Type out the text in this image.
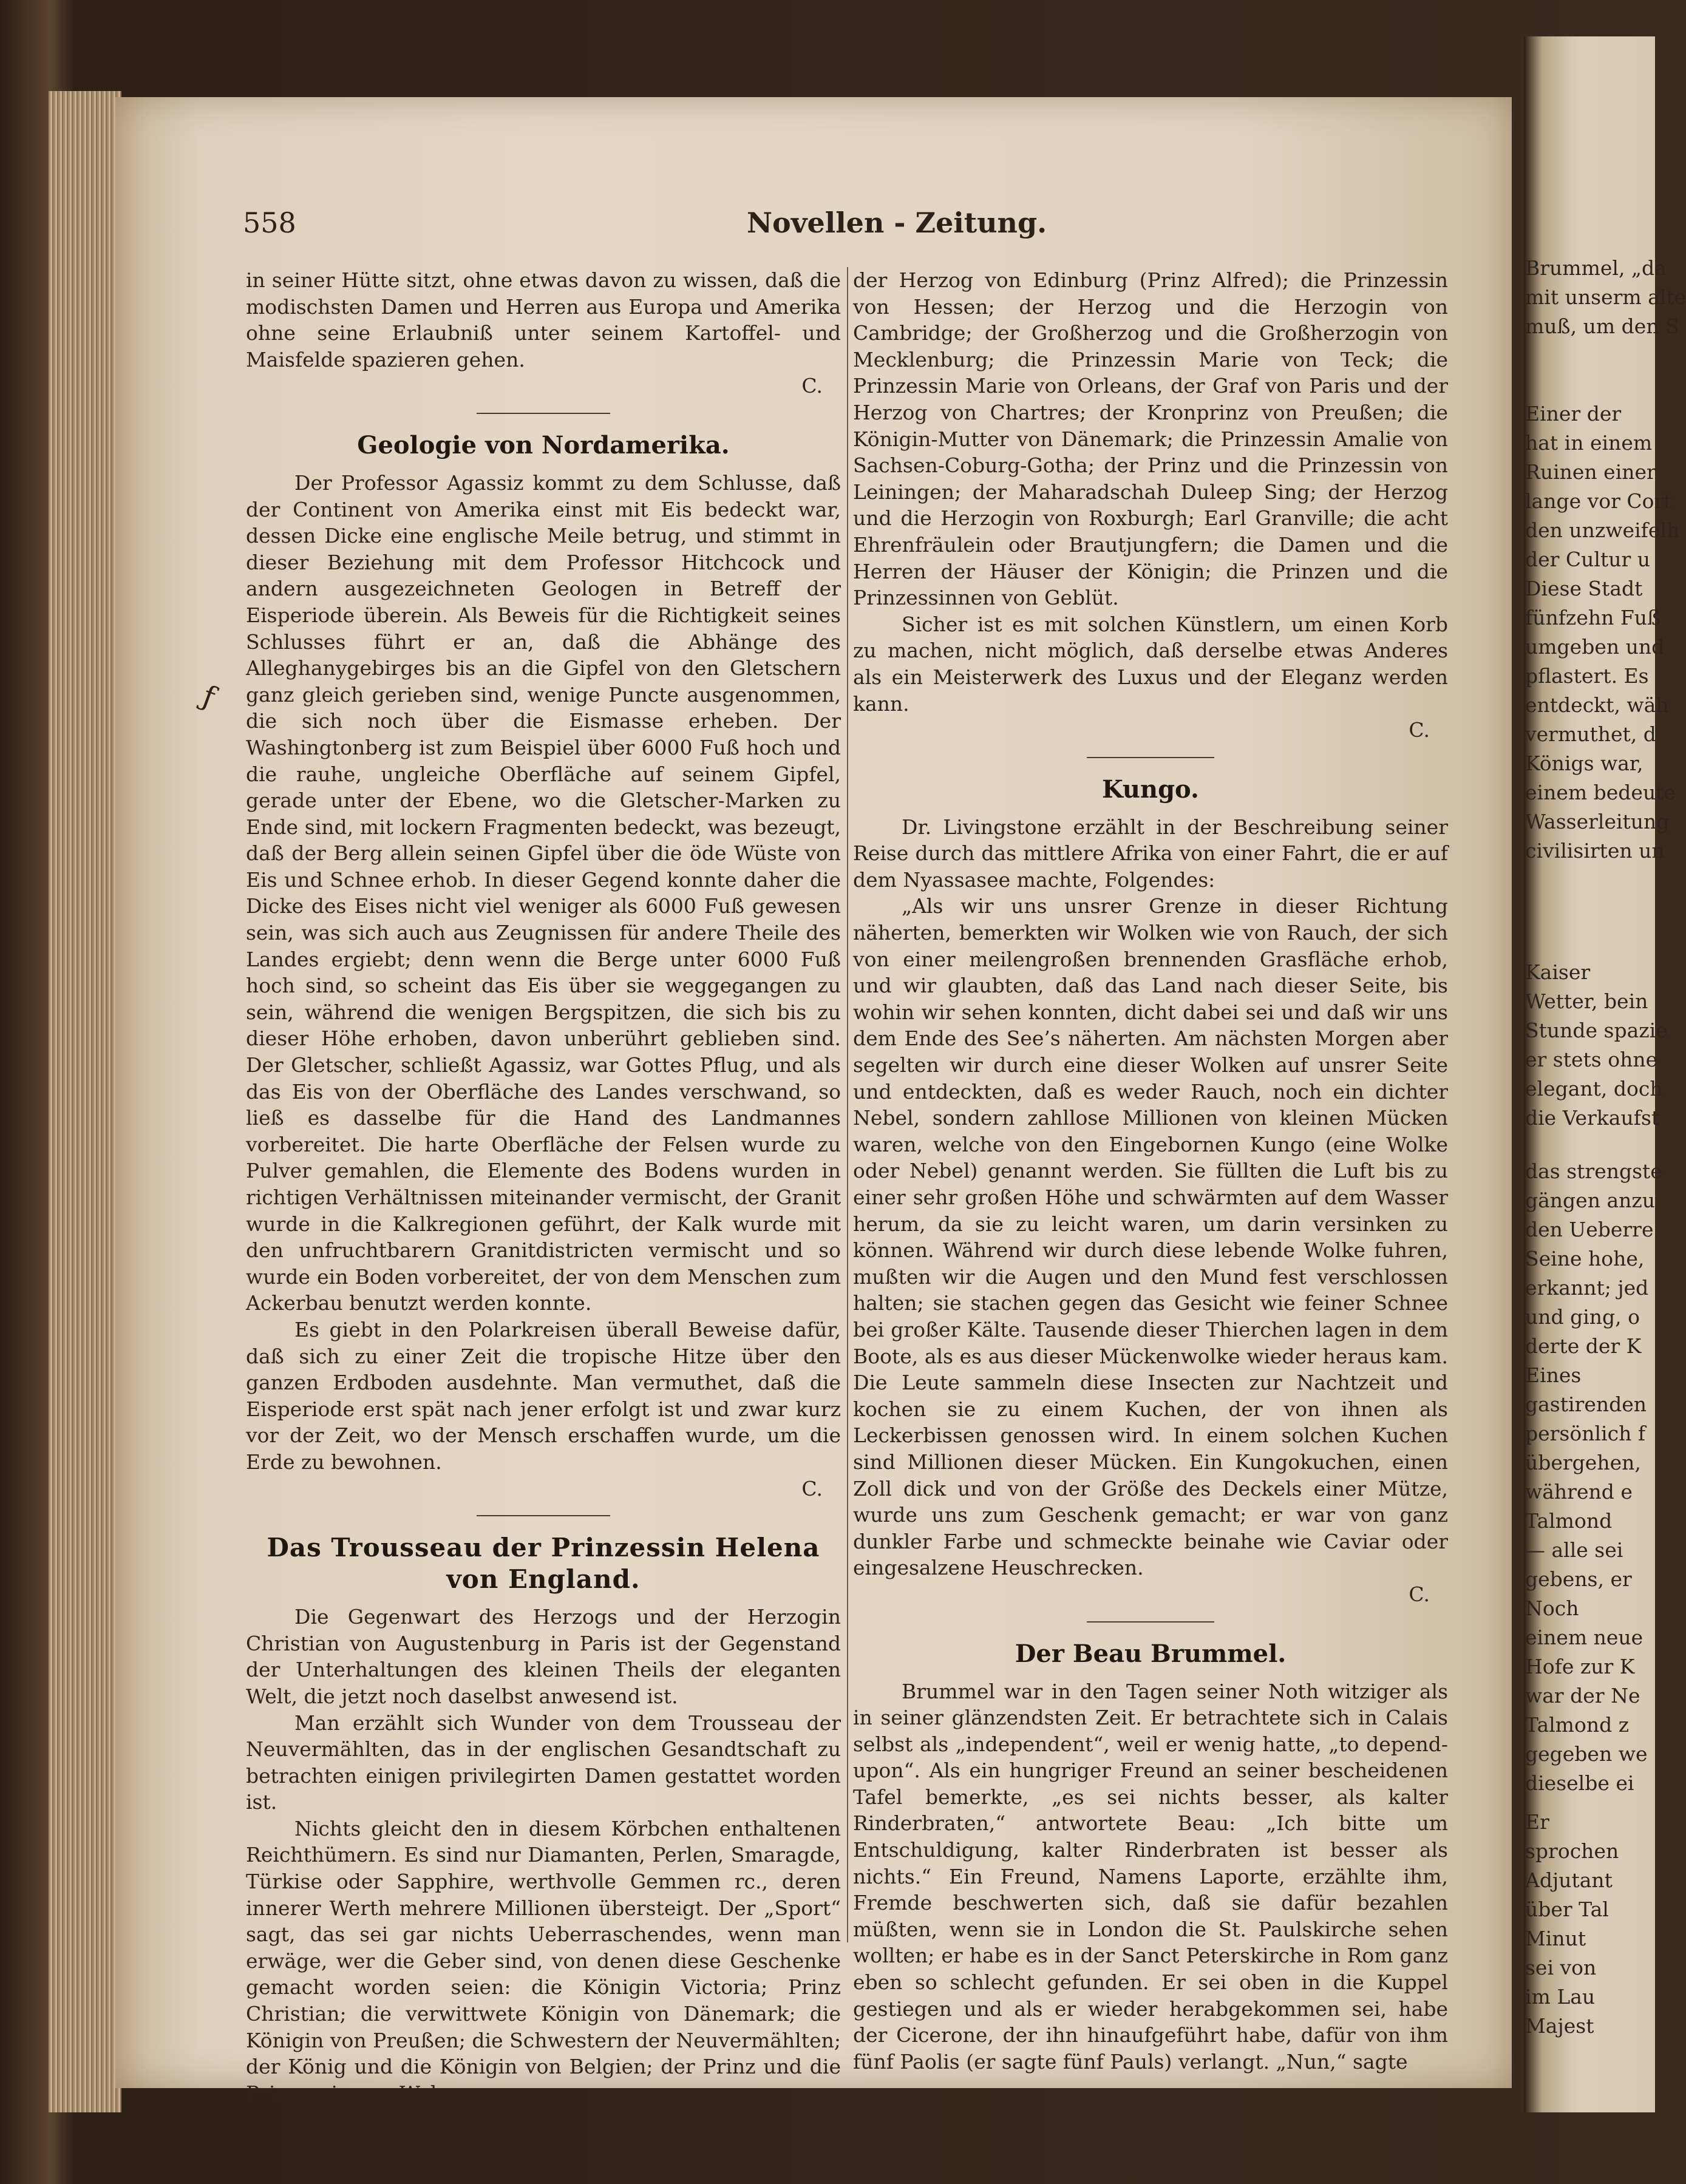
Brummel, „da
mit unserm alte
muß, um den S
Einer der
hat in einem
Ruinen einer
lange vor Cort
den unzweifelh
der Cultur u
Diese Stadt
fünfzehn Fuß
umgeben und
pflastert. Es
entdeckt, wäh
vermuthet, d
Königs war,
einem bedeute
Wasserleitung
civilisirten un
Kaiser
Wetter, bein
Stunde spazie
er stets ohne
elegant, doch
die Verkaufst
das strengste
gängen anzu
den Ueberre
Seine hohe,
erkannt; jed
und ging, o
derte der K
Eines
gastirenden
persönlich f
übergehen,
während e
Talmond
— alle sei
gebens, er
Noch
einem neue
Hofe zur K
war der Ne
Talmond z
gegeben we
dieselbe ei
Er
sprochen
Adjutant
über Tal
Minut
sei von
im Lau
Majest
558	Novellen - Zeitung.
ƒ

in seiner Hütte sitzt, ohne etwas davon zu wissen, daß die modischsten Damen und Herren aus Europa und Amerika ohne seine Erlaubniß unter seinem Kartoffel- und Maisfelde spazieren gehen.

C.
Geologie von Nordamerika.

Der Professor Agassiz kommt zu dem Schlusse, daß der Continent von Amerika einst mit Eis bedeckt war, dessen Dicke eine englische Meile betrug, und stimmt in dieser Beziehung mit dem Professor Hitchcock und andern ausgezeichneten Geologen in Betreff der Eisperiode überein. Als Beweis für die Richtigkeit seines Schlusses führt er an, daß die Abhänge des Alleghanygebirges bis an die Gipfel von den Gletschern ganz gleich gerieben sind, wenige Puncte ausgenommen, die sich noch über die Eismasse erheben. Der Washingtonberg ist zum Beispiel über 6000 Fuß hoch und die rauhe, ungleiche Oberfläche auf seinem Gipfel, gerade unter der Ebene, wo die Gletscher-Marken zu Ende sind, mit lockern Fragmenten bedeckt, was bezeugt, daß der Berg allein seinen Gipfel über die öde Wüste von Eis und Schnee erhob. In dieser Gegend konnte daher die Dicke des Eises nicht viel weniger als 6000 Fuß gewesen sein, was sich auch aus Zeugnissen für andere Theile des Landes ergiebt; denn wenn die Berge unter 6000 Fuß hoch sind, so scheint das Eis über sie weggegangen zu sein, während die wenigen Bergspitzen, die sich bis zu dieser Höhe erhoben, davon unberührt geblieben sind. Der Gletscher, schließt Agassiz, war Gottes Pflug, und als das Eis von der Oberfläche des Landes verschwand, so ließ es dasselbe für die Hand des Landmannes vorbereitet. Die harte Oberfläche der Felsen wurde zu Pulver gemahlen, die Elemente des Bodens wurden in richtigen Verhältnissen miteinander vermischt, der Granit wurde in die Kalkregionen geführt, der Kalk wurde mit den unfruchtbarern Granitdistricten vermischt und so wurde ein Boden vorbereitet, der von dem Menschen zum Ackerbau benutzt werden konnte.

Es giebt in den Polarkreisen überall Beweise dafür, daß sich zu einer Zeit die tropische Hitze über den ganzen Erdboden ausdehnte. Man vermuthet, daß die Eisperiode erst spät nach jener erfolgt ist und zwar kurz vor der Zeit, wo der Mensch erschaffen wurde, um die Erde zu bewohnen.

C.
Das Trousseau der Prinzessin Helena von England.

Die Gegenwart des Herzogs und der Herzogin Christian von Augustenburg in Paris ist der Gegenstand der Unterhaltungen des kleinen Theils der eleganten Welt, die jetzt noch daselbst anwesend ist.

Man erzählt sich Wunder von dem Trousseau der Neuvermählten, das in der englischen Gesandtschaft zu betrachten einigen privilegirten Damen gestattet worden ist.

Nichts gleicht den in diesem Körbchen enthaltenen Reichthümern. Es sind nur Diamanten, Perlen, Smaragde, Türkise oder Sapphire, werthvolle Gemmen rc., deren innerer Werth mehrere Millionen übersteigt. Der „Sport“ sagt, das sei gar nichts Ueberraschendes, wenn man erwäge, wer die Geber sind, von denen diese Geschenke gemacht worden seien: die Königin Victoria; Prinz Christian; die verwittwete Königin von Dänemark; die Königin von Preußen; die Schwestern der Neuvermählten; der König und die Königin von Belgien; der Prinz und die Prinzessin von Wales;

der Herzog von Edinburg (Prinz Alfred); die Prinzessin von Hessen; der Herzog und die Herzogin von Cambridge; der Großherzog und die Großherzogin von Mecklenburg; die Prinzessin Marie von Teck; die Prinzessin Marie von Orleans, der Graf von Paris und der Herzog von Chartres; der Kronprinz von Preußen; die Königin-Mutter von Dänemark; die Prinzessin Amalie von Sachsen-Coburg-Gotha; der Prinz und die Prinzessin von Leiningen; der Maharadschah Duleep Sing; der Herzog und die Herzogin von Roxburgh; Earl Granville; die acht Ehrenfräulein oder Brautjungfern; die Damen und die Herren der Häuser der Königin; die Prinzen und die Prinzessinnen von Geblüt.

Sicher ist es mit solchen Künstlern, um einen Korb zu machen, nicht möglich, daß derselbe etwas Anderes als ein Meisterwerk des Luxus und der Eleganz werden kann.

C.
Kungo.

Dr. Livingstone erzählt in der Beschreibung seiner Reise durch das mittlere Afrika von einer Fahrt, die er auf dem Nyassasee machte, Folgendes:

„Als wir uns unsrer Grenze in dieser Richtung näherten, bemerkten wir Wolken wie von Rauch, der sich von einer meilengroßen brennenden Grasfläche erhob, und wir glaubten, daß das Land nach dieser Seite, bis wohin wir sehen konnten, dicht dabei sei und daß wir uns dem Ende des See’s näherten. Am nächsten Morgen aber segelten wir durch eine dieser Wolken auf unsrer Seite und entdeckten, daß es weder Rauch, noch ein dichter Nebel, sondern zahllose Millionen von kleinen Mücken waren, welche von den Eingebornen Kungo (eine Wolke oder Nebel) genannt werden. Sie füllten die Luft bis zu einer sehr großen Höhe und schwärmten auf dem Wasser herum, da sie zu leicht waren, um darin versinken zu können. Während wir durch diese lebende Wolke fuhren, mußten wir die Augen und den Mund fest verschlossen halten; sie stachen gegen das Gesicht wie feiner Schnee bei großer Kälte. Tausende dieser Thierchen lagen in dem Boote, als es aus dieser Mückenwolke wieder heraus kam. Die Leute sammeln diese Insecten zur Nachtzeit und kochen sie zu einem Kuchen, der von ihnen als Leckerbissen genossen wird. In einem solchen Kuchen sind Millionen dieser Mücken. Ein Kungokuchen, einen Zoll dick und von der Größe des Deckels einer Mütze, wurde uns zum Geschenk gemacht; er war von ganz dunkler Farbe und schmeckte beinahe wie Caviar oder eingesalzene Heuschrecken.

C.
Der Beau Brummel.

Brummel war in den Tagen seiner Noth witziger als in seiner glänzendsten Zeit. Er betrachtete sich in Calais selbst als „independent“, weil er wenig hatte, „to depend-upon“. Als ein hungriger Freund an seiner bescheidenen Tafel bemerkte, „es sei nichts besser, als kalter Rinderbraten,“ antwortete Beau: „Ich bitte um Entschuldigung, kalter Rinderbraten ist besser als nichts.“ Ein Freund, Namens Laporte, erzählte ihm, Fremde beschwerten sich, daß sie dafür bezahlen müßten, wenn sie in London die St. Paulskirche sehen wollten; er habe es in der Sanct Peterskirche in Rom ganz eben so schlecht gefunden. Er sei oben in die Kuppel gestiegen und als er wieder herabgekommen sei, habe der Cicerone, der ihn hinaufgeführt habe, dafür von ihm fünf Paolis (er sagte fünf Pauls) verlangt. „Nun,“ sagte
